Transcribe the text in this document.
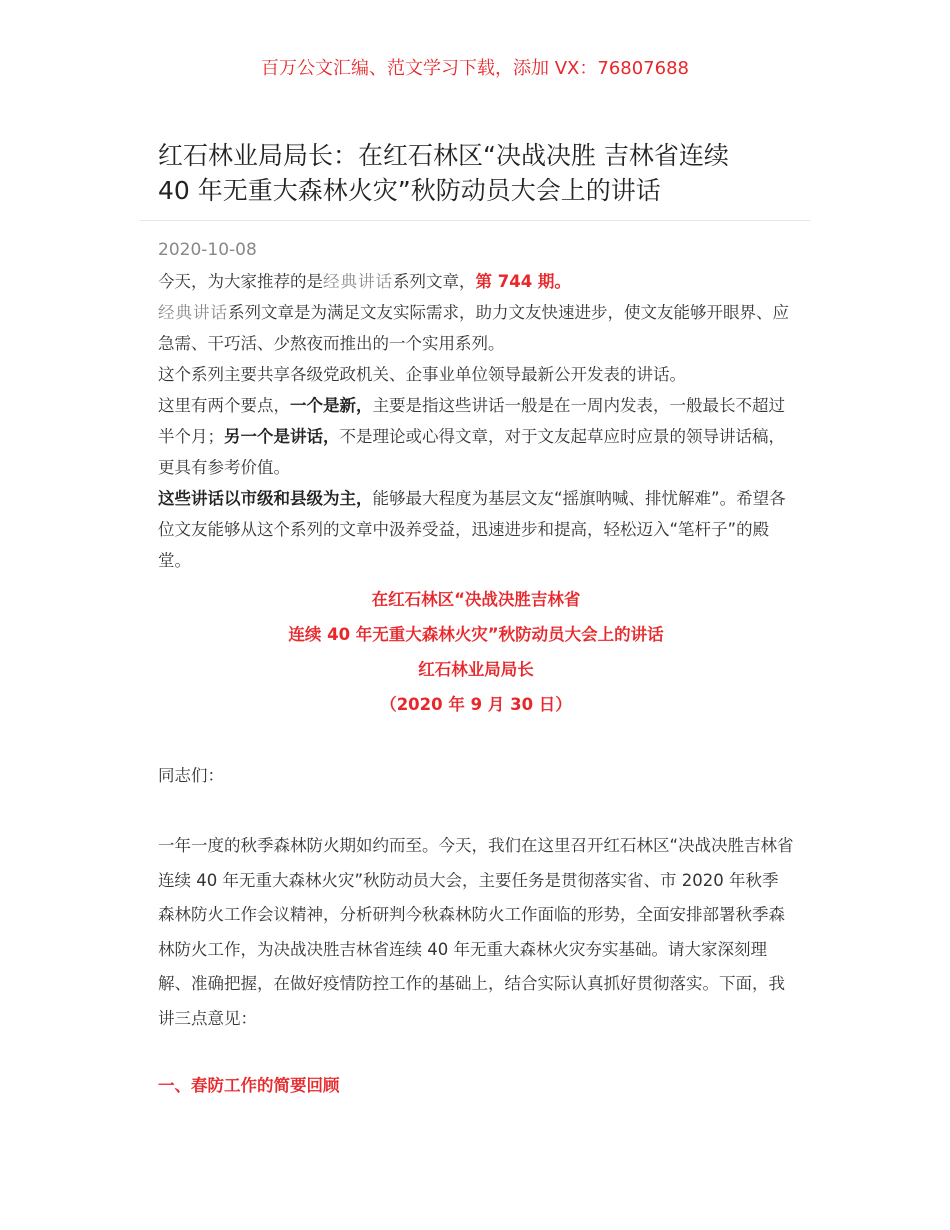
百万公文汇编、范文学习下载，添加 VX：76807688
红石林业局局长：在红石林区“决战决胜 吉林省连续
40 年无重大森林火灾”秋防动员大会上的讲话
2020-10-08

今天，为大家推荐的是经典讲话系列文章，第 744 期。

经典讲话系列文章是为满足文友实际需求，助力文友快速进步，使文友能够开眼界、应急需、干巧活、少熬夜而推出的一个实用系列。

这个系列主要共享各级党政机关、企事业单位领导最新公开发表的讲话。

这里有两个要点，一个是新，主要是指这些讲话一般是在一周内发表，一般最长不超过半个月；另一个是讲话，不是理论或心得文章，对于文友起草应时应景的领导讲话稿，更具有参考价值。

这些讲话以市级和县级为主，能够最大程度为基层文友“摇旗呐喊、排忧解难”。希望各位文友能够从这个系列的文章中汲养受益，迅速进步和提高，轻松迈入“笔杆子”的殿堂。

在红石林区“决战决胜吉林省
连续 40 年无重大森林火灾”秋防动员大会上的讲话
红石林业局局长
（2020 年 9 月 30 日）

同志们：

一年一度的秋季森林防火期如约而至。今天，我们在这里召开红石林区“决战决胜吉林省连续 40 年无重大森林火灾”秋防动员大会，主要任务是贯彻落实省、市 2020 年秋季森林防火工作会议精神，分析研判今秋森林防火工作面临的形势，全面安排部署秋季森林防火工作，为决战决胜吉林省连续 40 年无重大森林火灾夯实基础。请大家深刻理解、准确把握，在做好疫情防控工作的基础上，结合实际认真抓好贯彻落实。下面，我讲三点意见：

一、春防工作的简要回顾
